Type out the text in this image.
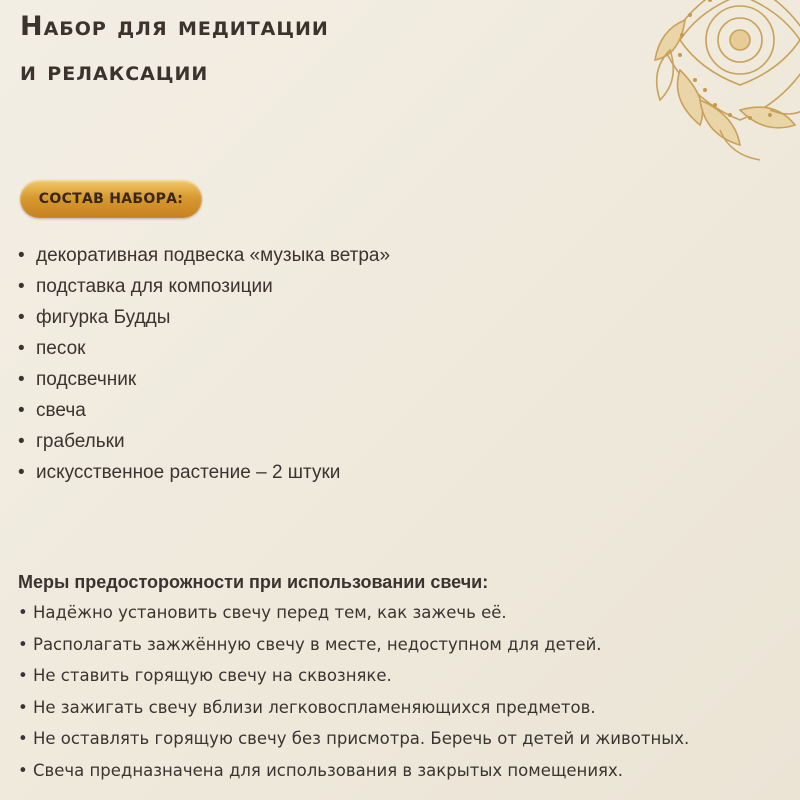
Набор для медитации
и релаксации
СОСТАВ НАБОРА:
• декоративная подвеска «музыка ветра»
• подставка для композиции
• фигурка Будды
• песок
• подсвечник
• свеча
• грабельки
• искусственное растение – 2 штуки
Меры предосторожности при использовании свечи:
• Надёжно установить свечу перед тем, как зажечь её.
• Располагать зажжённую свечу в месте, недоступном для детей.
• Не ставить горящую свечу на сквозняке.
• Не зажигать свечу вблизи легковоспламеняющихся предметов.
• Не оставлять горящую свечу без присмотра. Беречь от детей и животных.
• Свеча предназначена для использования в закрытых помещениях.
